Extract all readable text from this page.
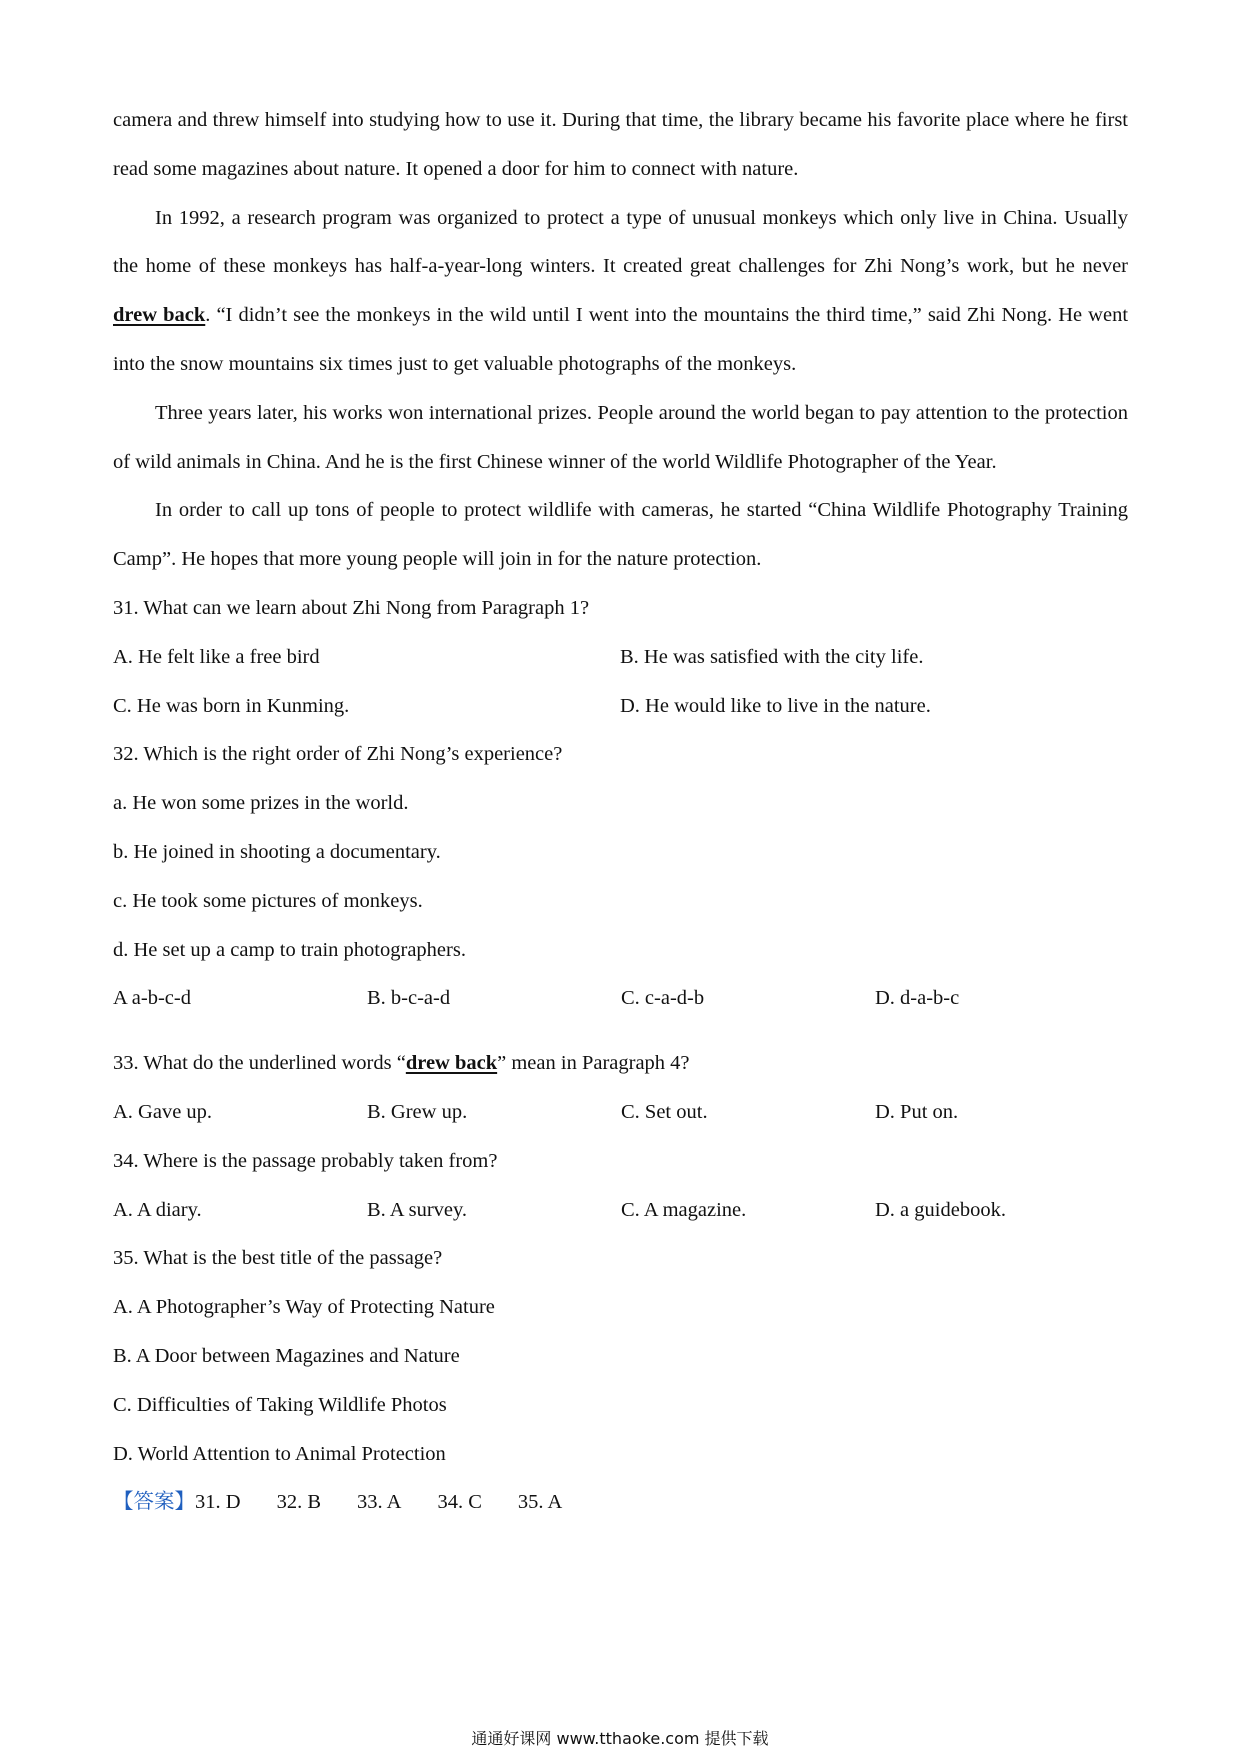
camera and threw himself into studying how to use it. During that time, the library became his favorite place where he first read some magazines about nature. It opened a door for him to connect with nature.

In 1992, a research program was organized to protect a type of unusual monkeys which only live in China. Usually the home of these monkeys has half-a-year-long winters. It created great challenges for Zhi Nong’s work, but he never drew back. “I didn’t see the monkeys in the wild until I went into the mountains the third time,” said Zhi Nong. He went into the snow mountains six times just to get valuable photographs of the monkeys.

Three years later, his works won international prizes. People around the world began to pay attention to the protection of wild animals in China. And he is the first Chinese winner of the world Wildlife Photographer of the Year.

In order to call up tons of people to protect wildlife with cameras, he started “China Wildlife Photography Training Camp”. He hopes that more young people will join in for the nature protection.

31. What can we learn about Zhi Nong from Paragraph 1?

A. He felt like a free bird	B. He was satisfied with the city life.
C. He was born in Kunming.	D. He would like to live in the nature.

32. Which is the right order of Zhi Nong’s experience?

a. He won some prizes in the world.

b. He joined in shooting a documentary.

c. He took some pictures of monkeys.

d. He set up a camp to train photographers.

A a-b-c-d	B. b-c-a-d	C. c-a-d-b	D. d-a-b-c

33. What do the underlined words “drew back” mean in Paragraph 4?

A. Gave up.	B. Grew up.	C. Set out.	D. Put on.

34. Where is the passage probably taken from?

A. A diary.	B. A survey.	C. A magazine.	D. a guidebook.

35. What is the best title of the passage?

A. A Photographer’s Way of Protecting Nature

B. A Door between Magazines and Nature

C. Difficulties of Taking Wildlife Photos

D. World Attention to Animal Protection

【答案】31. D 32. B 33. A 34. C 35. A

通通好课网 www.tthaoke.com 提供下载
